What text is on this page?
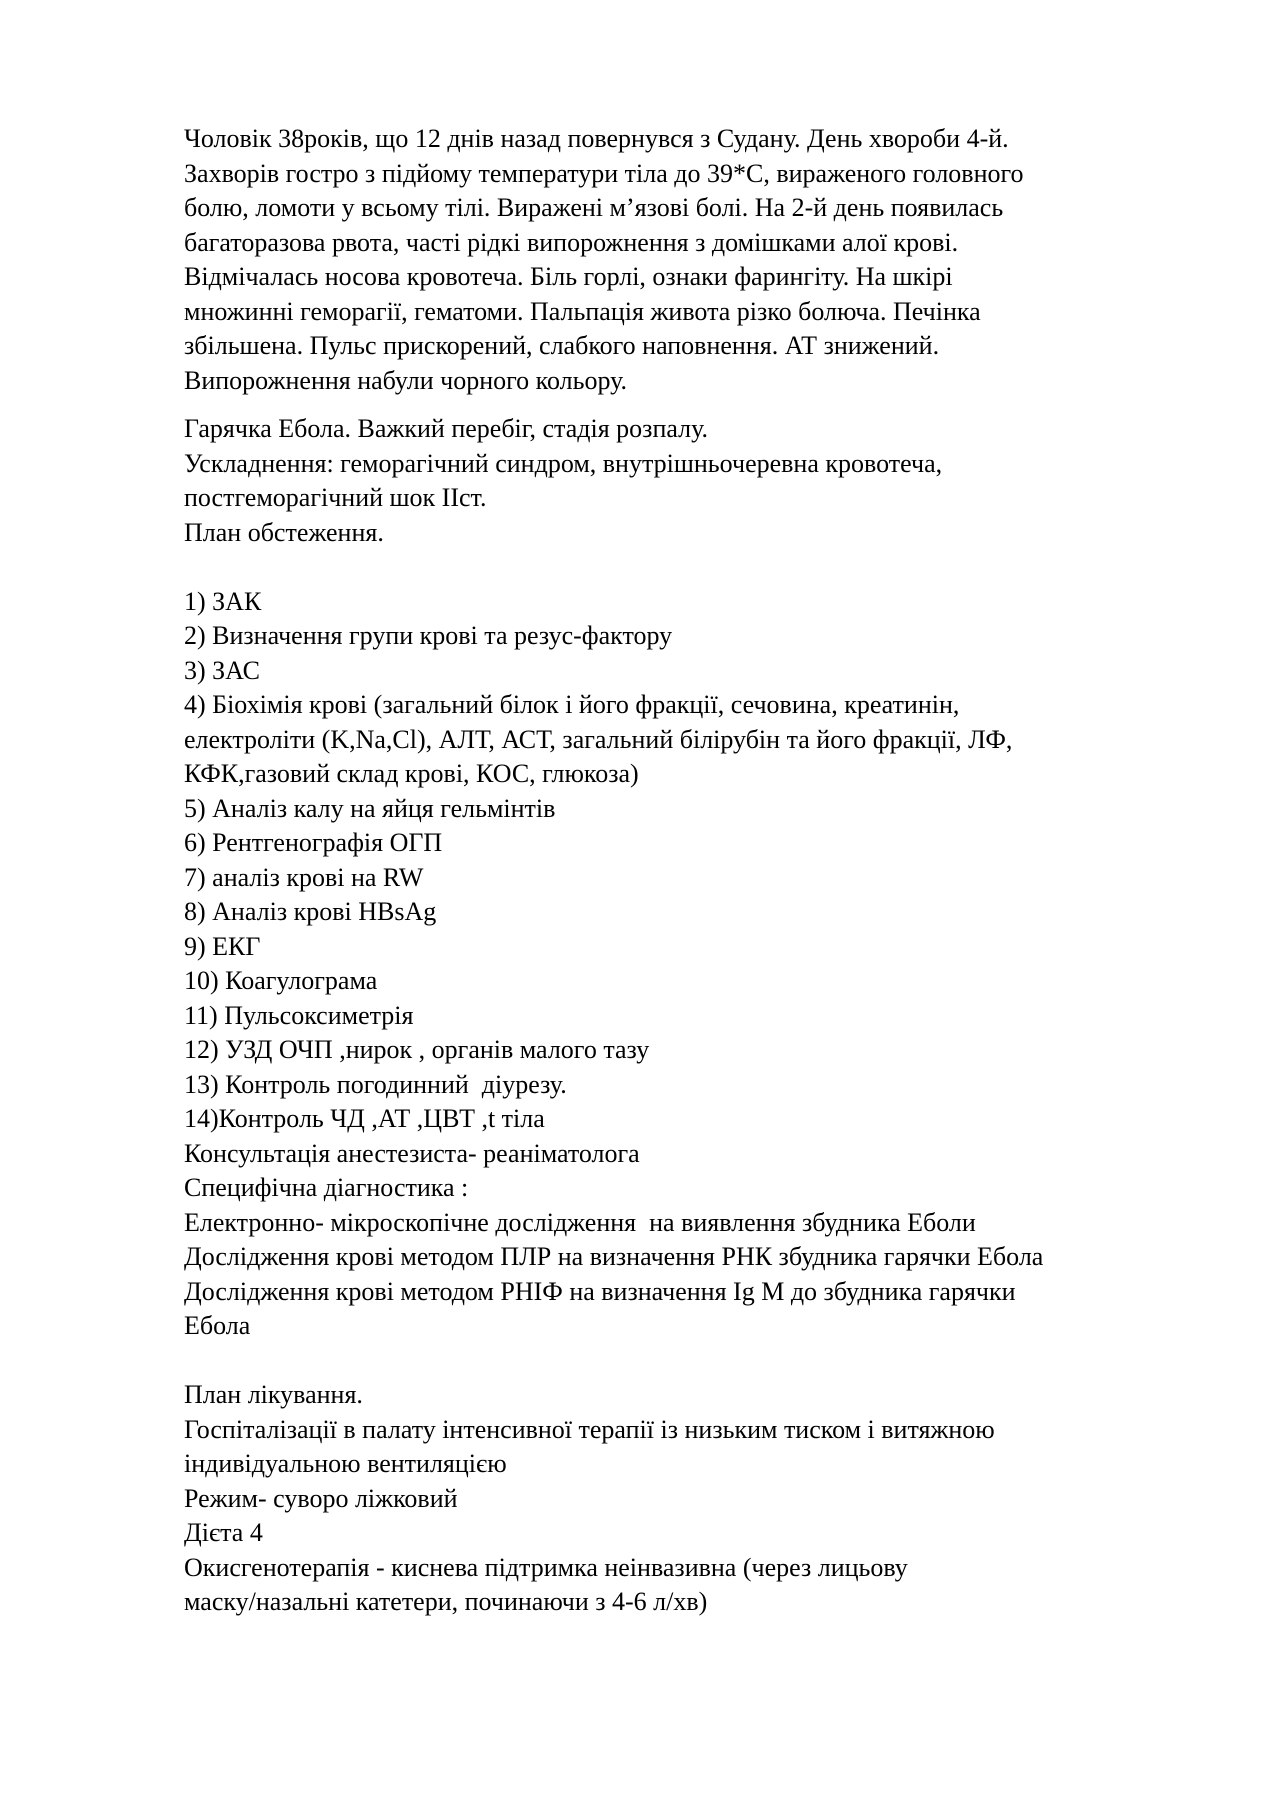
Чоловік 38років, що 12 днів назад повернувся з Судану. День хвороби 4-й.
Захворів гостро з підйому температури тіла до 39*С, вираженого головного
болю, ломоти у всьому тілі. Виражені м’язові болі. На 2-й день появилась
багаторазова рвота, часті рідкі випорожнення з домішками алої крові.
Відмічалась носова кровотеча. Біль горлі, ознаки фарингіту. На шкірі
множинні геморагії, гематоми. Пальпація живота різко болюча. Печінка
збільшена. Пульс прискорений, слабкого наповнення. АТ знижений.
Випорожнення набули чорного кольору.
Гарячка Ебола. Важкий перебіг, стадія розпалу.
Ускладнення: геморагічний синдром, внутрішньочеревна кровотеча,
постгеморагічний шок ІІст.
План обстеження.
1) ЗАК
2) Визначення групи крові та резус-фактору
3) ЗАС
4) Біохімія крові (загальний білок і його фракції, сечовина, креатинін,
електроліти (K,Na,Cl), АЛТ, АСТ, загальний білірубін та його фракції, ЛФ,
КФК,газовий склад крові, КОС, глюкоза)
5) Аналіз калу на яйця гельмінтів
6) Рентгенографія ОГП
7) аналіз крові на RW
8) Аналіз крові HBsAg
9) ЕКГ
10) Коагулограма
11) Пульсоксиметрія
12) УЗД ОЧП ,нирок , органів малого тазу
13) Контроль погодинний  діурезу.
14)Контроль ЧД ,АТ ,ЦВТ ,t тіла
Консультація анестезиста- реаніматолога
Специфічна діагностика :
Електронно- мікроскопічне дослідження  на виявлення збудника Еболи
Дослідження крові методом ПЛР на визначення РНК збудника гарячки Ебола
Дослідження крові методом РНІФ на визначення Ig M до збудника гарячки
Ебола
План лікування.
Госпіталізації в палату інтенсивної терапії із низьким тиском і витяжною
індивідуальною вентиляцією
Режим- суворо ліжковий
Дієта 4
Окисгенотерапія - киснева підтримка неінвазивна (через лицьову
маску/назальні катетери, починаючи з 4-6 л/хв)
